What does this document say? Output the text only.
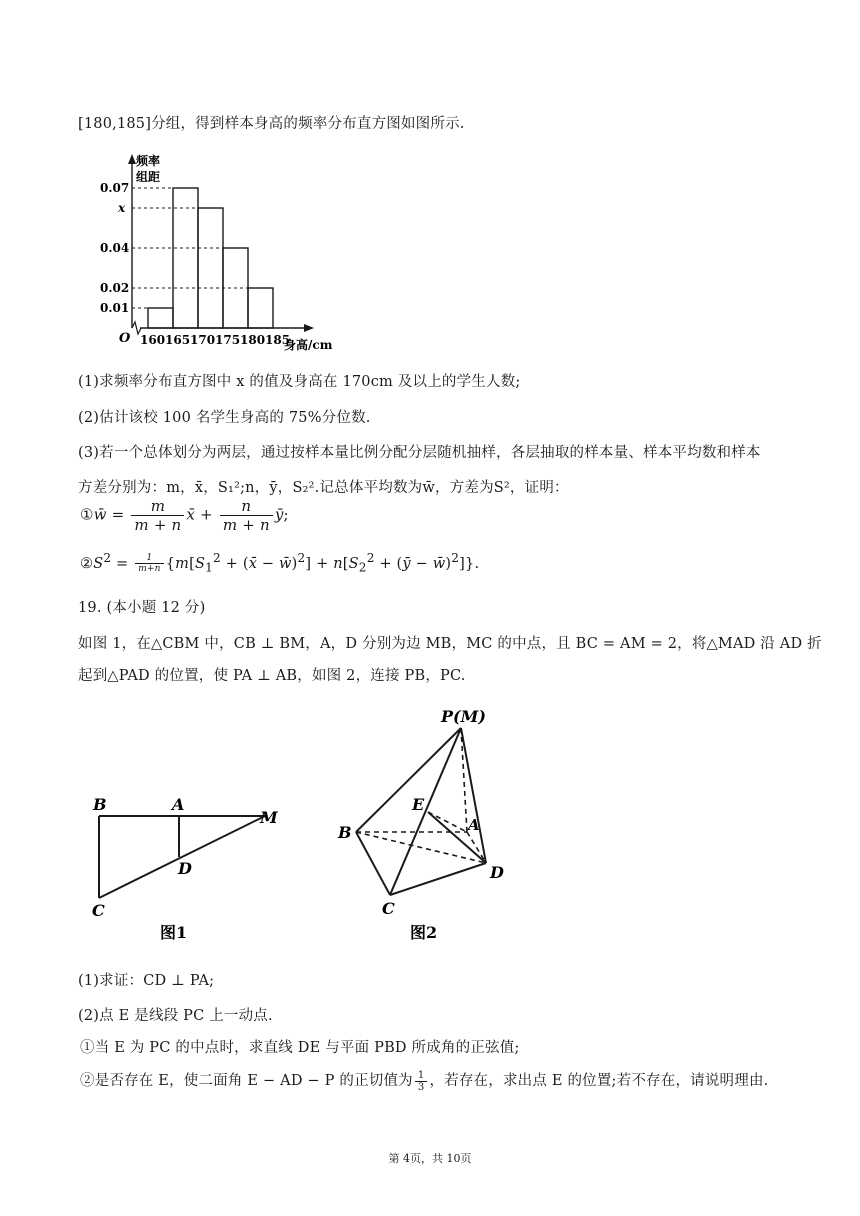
[180,185]分组，得到样本身高的频率分布直方图如图所示.
频率
组距
0.07
x
0.04
0.02
0.01
160 165 170 175 180 185
O	身高/cm
(1)求频率分布直方图中 x 的值及身高在 170cm 及以上的学生人数;
(2)估计该校 100 名学生身高的 75%分位数.
(3)若一个总体划分为两层，通过按样本量比例分配分层随机抽样，各层抽取的样本量、样本平均数和样本
方差分别为：m，x̄，S₁²;n，ȳ，S₂².记总体平均数为w̄，方差为S²，证明：
①w̄ = $\frac{m}{m + n}$ x̄ + $\frac{n}{m + n}$ ȳ;
$②S^2 = \frac{1}{m+n} \{m[S_1^2$ + (x̄ − w̄)$^2$] + $n[S_2^2$ + (ȳ − w̄)$^2$]}.
19. (本小题 12 分)
如图 1，在△CBM 中，CB ⊥ BM，A，D 分别为边 MB，MC 的中点，且 BC = AM = 2，将△MAD 沿 AD 折
起到△PAD 的位置，使 PA ⊥ AB，如图 2，连接 PB，PC.
B	A
M
D
C
图1
P(M)
E
B	A
D
C
图2
(1)求证：CD ⊥ PA;
(2)点 E 是线段 PC 上一动点.
①当 E 为 PC 的中点时，求直线 DE 与平面 PBD 所成角的正弦值;
②是否存在 E，使二面角 E − AD − P 的正切值为 $\frac{1}{3}$ ，若存在，求出点 E 的位置;若不存在，请说明理由.
第 4页，共 10页
